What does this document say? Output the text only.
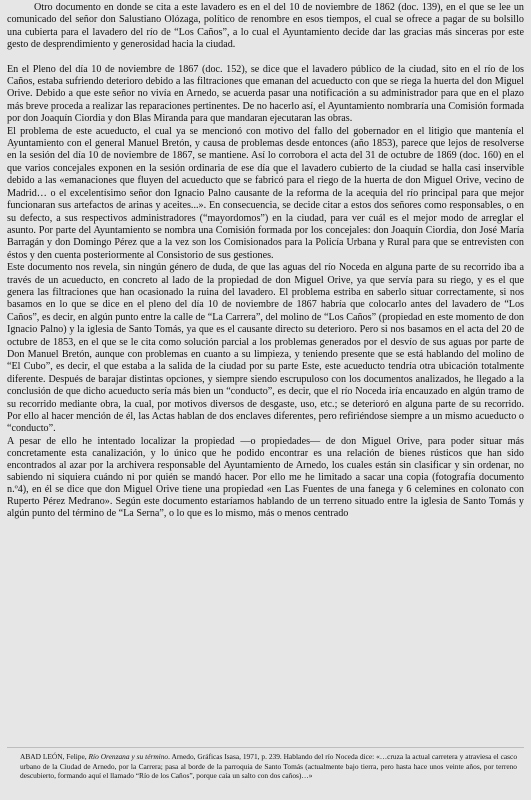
Otro documento en donde se cita a este lavadero es en el del 10 de noviembre de 1862 (doc. 139), en el que se lee un comunicado del señor don Salustiano Olózaga, político de renombre en esos tiempos, el cual se ofrece a pagar de su bolsillo una cubierta para el lavadero del río de “Los Caños”, a lo cual el Ayuntamiento decide dar las gracias más sinceras por este gesto de desprendimiento y generosidad hacia la ciudad.

En el Pleno del día 10 de noviembre de 1867 (doc. 152), se dice que el lavadero público de la ciudad, sito en el río de los Caños, estaba sufriendo deterioro debido a las filtraciones que emanan del acueducto con que se riega la huerta del don Miguel Orive. Debido a que este señor no vivía en Arnedo, se acuerda pasar una notificación a su administrador para que en el plazo más breve proceda a realizar las reparaciones pertinentes. De no hacerlo así, el Ayuntamiento nombraría una Comisión formada por don Joaquín Ciordia y don Blas Miranda para que mandaran ejecutaran las obras.

El problema de este acueducto, el cual ya se mencionó con motivo del fallo del gobernador en el litigio que mantenía el Ayuntamiento con el general Manuel Bretón, y causa de problemas desde entonces (año 1853), parece que lejos de resolverse en la sesión del día 10 de noviembre de 1867, se mantiene. Así lo corrobora el acta del 31 de octubre de 1869 (doc. 160) en el que varios concejales exponen en la sesión ordinaria de ese día que el lavadero cubierto de la ciudad se halla casi inservible debido a las «emanaciones que fluyen del acueducto que se fabricó para el riego de la huerta de don Miguel Orive, vecino de Madrid… o el excelentísimo señor don Ignacio Palno causante de la reforma de la acequia del río principal para que mejor funcionaran sus artefactos de arinas y aceites...». En consecuencia, se decide citar a estos dos señores como responsables, o en su defecto, a sus respectivos administradores (“mayordomos”) en la ciudad, para ver cuál es el mejor modo de arreglar el asunto. Por parte del Ayuntamiento se nombra una Comisión formada por los concejales: don Joaquín Ciordia, don José María Barragán y don Domingo Pérez que a la vez son los Comisionados para la Policía Urbana y Rural para que se entrevisten con éstos y den cuenta posteriormente al Consistorio de sus gestiones.

Este documento nos revela, sin ningún género de duda, de que las aguas del río Noceda en alguna parte de su recorrido iba a través de un acueducto, en concreto al lado de la propiedad de don Miguel Orive, ya que servía para su riego, y es el que genera las filtraciones que han ocasionado la ruina del lavadero. El problema estriba en saberlo situar correctamente, si nos basamos en lo que se dice en el pleno del día 10 de noviembre de 1867 habría que colocarlo antes del lavadero de “Los Caños”, es decir, en algún punto entre la calle de “La Carrera”, del molino de “Los Caños” (propiedad en este momento de don Ignacio Palno) y la iglesia de Santo Tomás, ya que es el causante directo su deterioro. Pero si nos basamos en el acta del 20 de octubre de 1853, en el que se le cita como solución parcial a los problemas generados por el desvío de sus aguas por parte de Don Manuel Bretón, aunque con problemas en cuanto a su limpieza, y teniendo presente que se está hablando del molino de “El Cubo”, es decir, el que estaba a la salida de la ciudad por su parte Este, este acueducto tendría otra ubicación totalmente diferente. Después de barajar distintas opciones, y siempre siendo escrupuloso con los documentos analizados, he llegado a la conclusión de que dicho acueducto sería más bien un “conducto”, es decir, que el río Noceda iría encauzado en algún tramo de su recorrido mediante obra, la cual, por motivos diversos de desgaste, uso, etc.; se deterioró en alguna parte de su recorrido. Por ello al hacer mención de él, las Actas hablan de dos enclaves diferentes, pero refiriéndose siempre a un mismo acueducto o “conducto”.

A pesar de ello he intentado localizar la propiedad —o propiedades— de don Miguel Orive, para poder situar más concretamente esta canalización, y lo único que he podido encontrar es una relación de bienes rústicos que han sido encontrados al azar por la archivera responsable del Ayuntamiento de Arnedo, los cuales están sin clasificar y sin ordenar, no sabiendo ni siquiera cuándo ni por quién se mandó hacer. Por ello me he limitado a sacar una copia (fotografía documento n.º4), en él se dice que don Miguel Orive tiene una propiedad «en Las Fuentes de una fanega y 6 celemines en colonato con Ruperto Pérez Medrano». Según este documento estaríamos hablando de un terreno situado entre la iglesia de Santo Tomás y algún punto del término de “La Serna”, o lo que es lo mismo, más o menos centrado

ABAD LEÓN, Felipe, Río Orenzana y su término. Arnedo, Gráficas Isasa, 1971, p. 239. Hablando del río Noceda dice: «…cruza la actual carretera y atraviesa el casco urbano de la Ciudad de Arnedo, por la Carrera; pasa al borde de la parroquia de Santo Tomás (actualmente bajo tierra, pero hasta hace unos veinte años, por terreno descubierto, formando aquí el llamado “Río de los Caños”, porque caía un salto con dos caños)…»
